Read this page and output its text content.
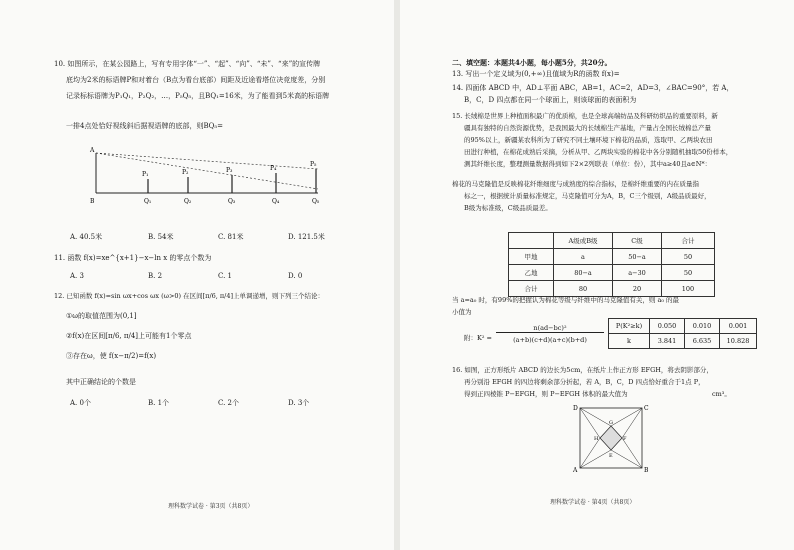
10. 如图所示，在某公园路上，写有专用字体“一”、“起”、“向”、“未”、“来”的宣传牌
底均为2米的标语牌P和对着台（B点为看台底部）间距及近途看塔位决竞度差，分别
记录标标语牌为P₁Q₁，P₂Q₂，…，P₅Q₅，且BQ₁=16米，为了能看到5米高的标语牌
一排4点处恰好视线斜后据视语牌的底部，则BQ₅=
A
B	Q₁	Q₂	Q₃	Q₄	Q₅
P₁	P₂	P₃	P₄
P₅
A. 40.5米	B. 54米	C. 81米	D. 121.5米
11. 函数 f(x)=xe^{x+1}−x−ln x 的零点个数为
A. 3	B. 2	C. 1	D. 0
12. 已知函数 f(x)=sin ωx+cos ωx (ω>0) 在区间[π/6, π/4]上单调递增，则下列三个结论：
①ω的取值范围为(0,1]
②f(x)在区间[π/6, π/4]上可能有1个零点
③存在ω，使 f(x−π/2)=f(x)
其中正确结论的个数是
A. 0个	B. 1个	C. 2个	D. 3个
理科数学试卷 · 第3页（共8页）
二、填空题：本题共4小题，每小题5分，共20分。
13. 写出一个定义域为(0,+∞)且值域为R的函数 f(x)=
14. 四面体 ABCD 中，AD⊥平面 ABC，AB=1，AC=2，AD=3，∠BAC=90°，若 A，
B，C，D 四点都在同一个球面上，则该球面的表面积为
15. 长绒棉是世界上种植面积最广的优质棉，也是全球高端纺品及科研纺织品的重要原料，新
疆具有独特的自然资源优势，是我国最大的长绒棉生产基地，产量占全国长绒棉总产量
的95%以上，新疆某农科所为了研究不同土壤环境下棉花的品质，选取甲、乙两块农田
田进行种植，在棉花成熟后采摘，分析从甲、乙两块实验的棉花中各分别随机抽取50份样本，
测其纤维长度，整理测量数据得到如下2×2列联表（单位：份），其中a≥40且a∈N*：
棉花的马克隆值是反映棉花纤维细度与成熟度的综合指标，是棉纤维重要的内在质量指
标之一，根据统计质量标准规定，马克隆值可分为A，B，C三个级别，A级品质最好，
B级为标准级，C级品质最差。
	A级或B级	C级	合计
甲地	a	50−a	50
乙地	80−a	a−30	50
合计	80	20	100
当 a=a₀ 时，有99%的把握认为棉花等级与纤维中的马克隆值有关，则 a₀ 的最
小值为
附：K² =
n(ad−bc)²
(a+b)(c+d)(a+c)(b+d)
P(K²≥k)	0.050	0.010	0.001
k	3.841	6.635	10.828
16. 如图，正方形纸片 ABCD 的边长为5cm，在纸片上作正方形 EFGH，将去阴影部分，
再分别沿 EFGH 的四边将剩余部分折起，若 A，B，C，D 四点恰好重合于1点 P，
得到正四棱锥 P−EFGH，则 P−EFGH 体积的最大值为	cm³。
D	C
A	B
H	F
G
E
理科数学试卷 · 第4页（共8页）
